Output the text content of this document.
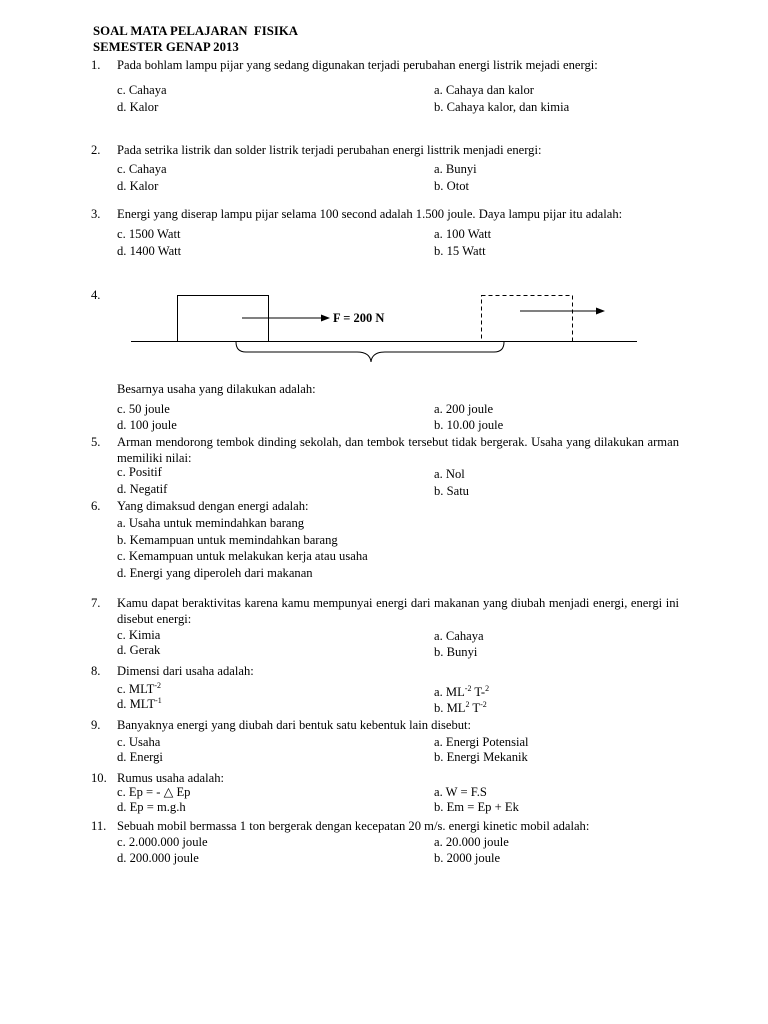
SOAL MATA PELAJARAN  FISIKA
SEMESTER GENAP 2013
1. Pada bohlam lampu pijar yang sedang digunakan terjadi perubahan energi listrik mejadi energi:
c. Cahaya
d. Kalor
a. Cahaya dan kalor
b. Cahaya kalor, dan kimia
2. Pada setrika listrik dan solder listrik terjadi perubahan energi listtrik menjadi energi:
c. Cahaya
d. Kalor
a. Bunyi
b. Otot
3. Energi yang diserap lampu pijar selama 100 second adalah 1.500 joule. Daya lampu pijar itu adalah:
c. 1500 Watt
d. 1400 Watt
a. 100 Watt
b. 15 Watt
4.
F = 200 N
Besarnya usaha yang dilakukan adalah:
c. 50 joule
d. 100 joule
a. 200 joule
b. 10.00 joule
5. Arman mendorong tembok dinding sekolah, dan tembok tersebut tidak bergerak. Usaha yang dilakukan arman memiliki nilai:
c. Positif
d. Negatif
a. Nol
b. Satu
6. Yang dimaksud dengan energi adalah:
a. Usaha untuk memindahkan barang
b. Kemampuan untuk memindahkan barang
c. Kemampuan untuk melakukan kerja atau usaha
d. Energi yang diperoleh dari makanan
7. Kamu dapat beraktivitas karena kamu mempunyai energi dari makanan yang diubah menjadi energi, energi ini disebut energi:
c. Kimia
d. Gerak
a. Cahaya
b. Bunyi
8. Dimensi dari usaha adalah:
c. $MLT^{-2}$
d. $MLT^{-1}$
a. $ML^{-2}$ T-$^2$
b. $ML^2$ $T^{-2}$
9. Banyaknya energi yang diubah dari bentuk satu kebentuk lain disebut:
c. Usaha
d. Energi
a. Energi Potensial
b. Energi Mekanik
10. Rumus usaha adalah:
c. Ep = - △ Ep
d. Ep = m.g.h
a. W = F.S
b. Em = Ep + Ek
11. Sebuah mobil bermassa 1 ton bergerak dengan kecepatan 20 m/s. energi kinetic mobil adalah:
c. 2.000.000 joule
d. 200.000 joule
a. 20.000 joule
b. 2000 joule
